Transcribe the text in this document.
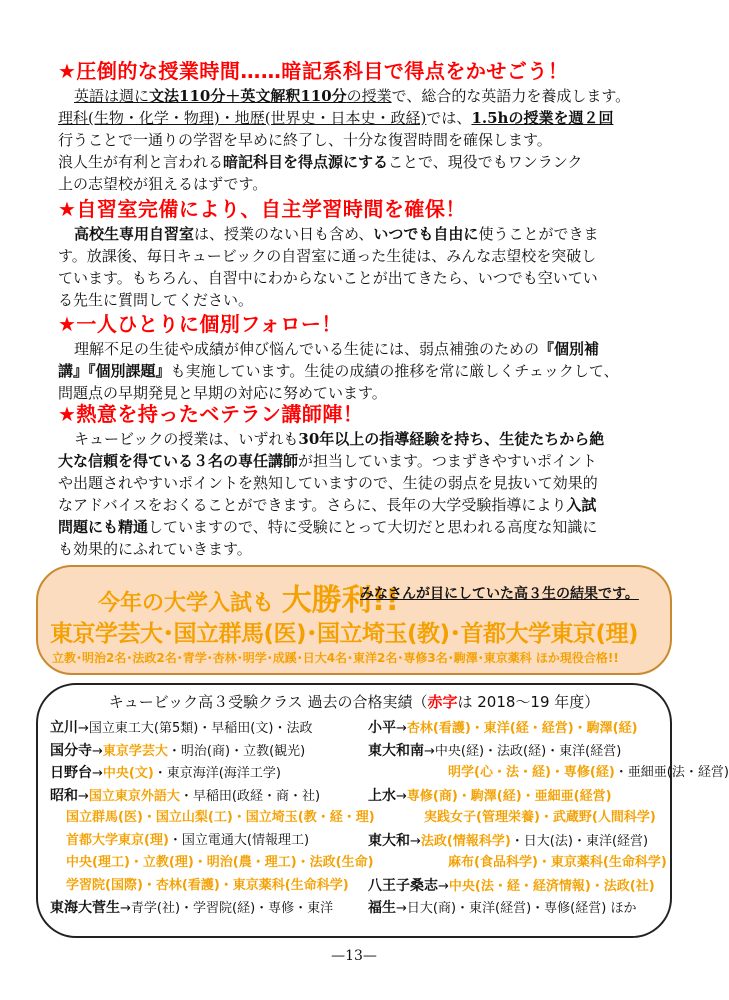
★圧倒的な授業時間……暗記系科目で得点をかせごう！
英語は週に文法110分＋英文解釈110分の授業で、総合的な英語力を養成します。
理科(生物・化学・物理)・地歴(世界史・日本史・政経)では、1.5hの授業を週２回
行うことで一通りの学習を早めに終了し、十分な復習時間を確保します。
浪人生が有利と言われる暗記科目を得点源にすることで、現役でもワンランク
上の志望校が狙えるはずです。
★自習室完備により、自主学習時間を確保！
高校生専用自習室は、授業のない日も含め、いつでも自由に使うことができま
す。放課後、毎日キュービックの自習室に通った生徒は、みんな志望校を突破し
ています。もちろん、自習中にわからないことが出てきたら、いつでも空いてい
る先生に質問してください。
★一人ひとりに個別フォロー！
理解不足の生徒や成績が伸び悩んでいる生徒には、弱点補強のための『個別補
講』『個別課題』も実施しています。生徒の成績の推移を常に厳しくチェックして、
問題点の早期発見と早期の対応に努めています。
★熱意を持ったベテラン講師陣！
キュービックの授業は、いずれも30年以上の指導経験を持ち、生徒たちから絶
大な信頼を得ている３名の専任講師が担当しています。つまずきやすいポイント
や出題されやすいポイントを熟知していますので、生徒の弱点を見抜いて効果的
なアドバイスをおくることができます。さらに、長年の大学受験指導により入試
問題にも精通していますので、特に受験にとって大切だと思われる高度な知識に
も効果的にふれていきます。
今年の大学入試も 大勝利!!
みなさんが目にしていた高３生の結果です。
東京学芸大･国立群馬(医)･国立埼玉(教)･首都大学東京(理)
立教･明治2名･法政2名･青学･杏林･明学･成蹊･日大4名･東洋2名･専修3名･駒澤･東京薬科 ほか現役合格!!
キュービック高３受験クラス 過去の合格実績（赤字は 2018～19 年度）
立川→国立東工大(第5類)・早稲田(文)・法政
国分寺→東京学芸大・明治(商)・立教(観光)
日野台→中央(文)・東京海洋(海洋工学)
昭和→国立東京外語大・早稲田(政経・商・社)
国立群馬(医)・国立山梨(工)・国立埼玉(教・経・理)
首都大学東京(理)・国立電通大(情報理工)
中央(理工)・立教(理)・明治(農・理工)・法政(生命)
学習院(国際)・杏林(看護)・東京薬科(生命科学)
東海大菅生→青学(社)・学習院(経)・専修・東洋
小平→杏林(看護)・東洋(経・経営)・駒澤(経)
東大和南→中央(経)・法政(経)・東洋(経営)
明学(心・法・経)・専修(経)・亜細亜(法・経営)
上水→専修(商)・駒澤(経)・亜細亜(経営)
実践女子(管理栄養)・武蔵野(人間科学)
東大和→法政(情報科学)・日大(法)・東洋(経営)
麻布(食品科学)・東京薬科(生命科学)
八王子桑志→中央(法・経・経済情報)・法政(社)
福生→日大(商)・東洋(経営)・専修(経営) ほか
—13—
